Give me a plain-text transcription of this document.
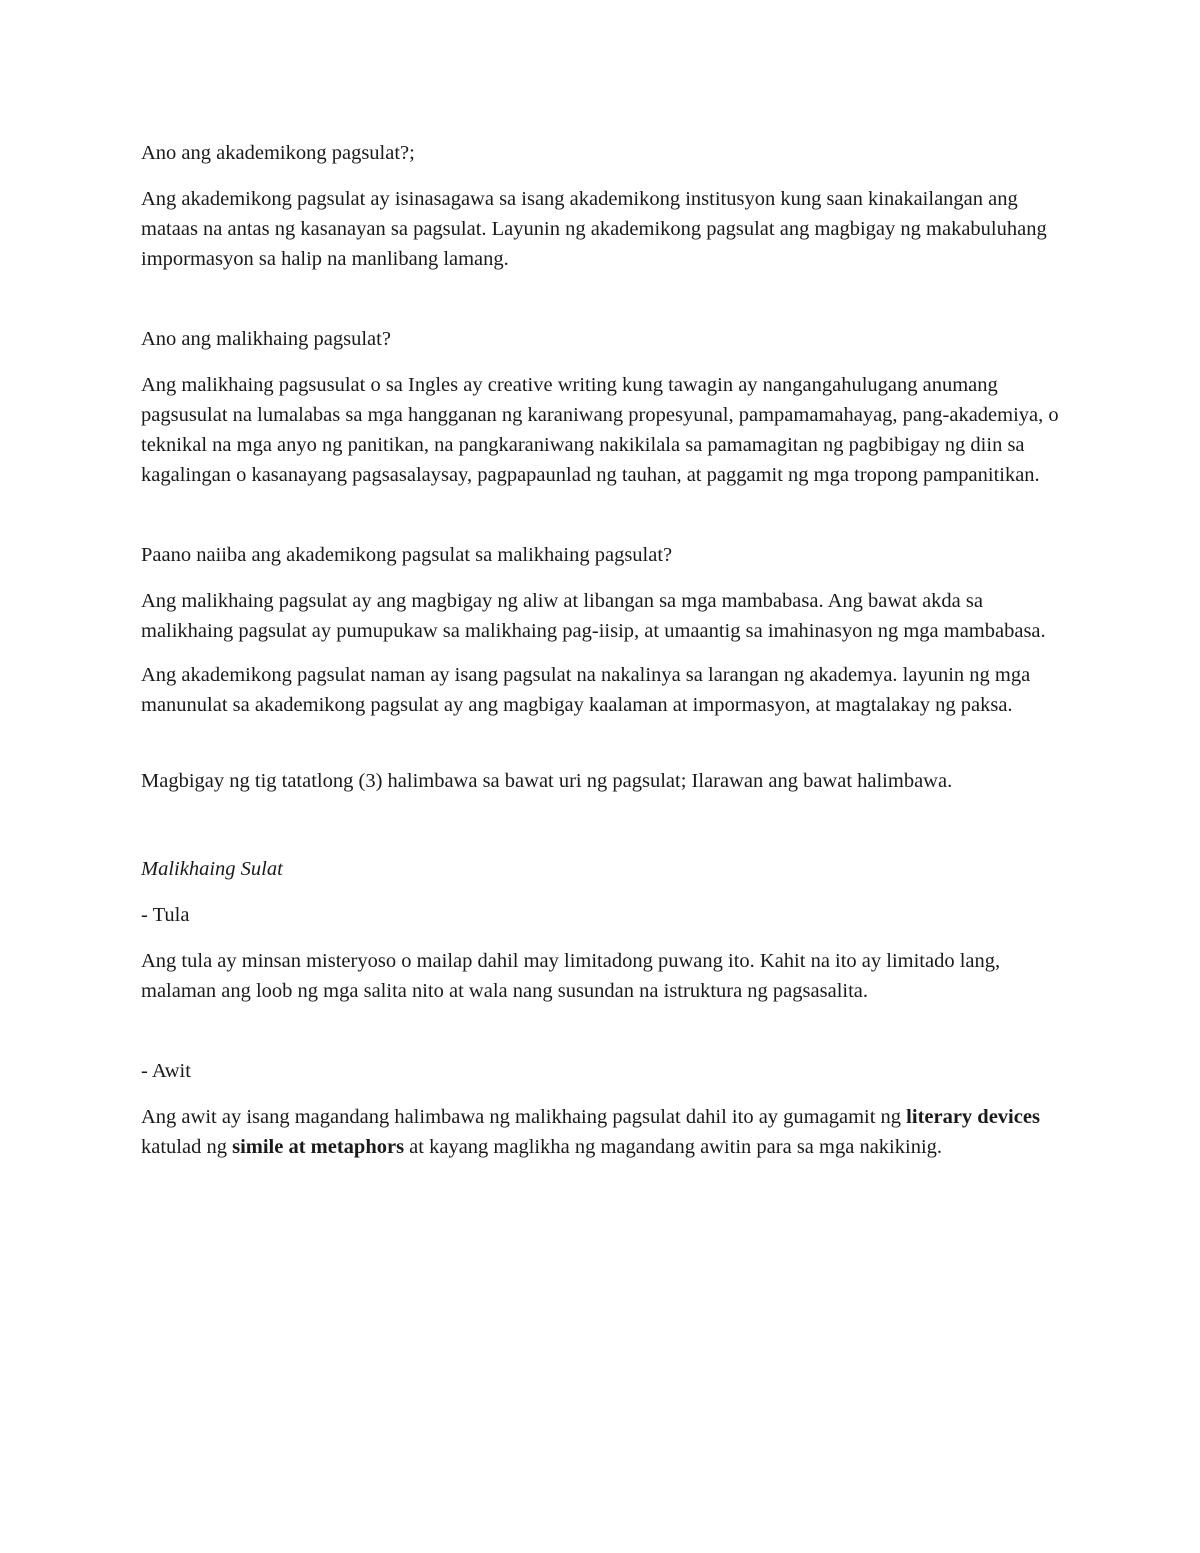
Ano ang akademikong pagsulat?;

Ang akademikong pagsulat ay isinasagawa sa isang akademikong institusyon kung saan kinakailangan ang mataas na antas ng kasanayan sa pagsulat. Layunin ng akademikong pagsulat ang magbigay ng makabuluhang impormasyon sa halip na manlibang lamang.

Ano ang malikhaing pagsulat?

Ang malikhaing pagsusulat o sa Ingles ay creative writing kung tawagin ay nangangahulugang anumang pagsusulat na lumalabas sa mga hangganan ng karaniwang propesyunal, pampamamahayag, pang-akademiya, o teknikal na mga anyo ng panitikan, na pangkaraniwang nakikilala sa pamamagitan ng pagbibigay ng diin sa kagalingan o kasanayang pagsasalaysay, pagpapaunlad ng tauhan, at paggamit ng mga tropong pampanitikan.

Paano naiiba ang akademikong pagsulat sa malikhaing pagsulat?

Ang malikhaing pagsulat ay ang magbigay ng aliw at libangan sa mga mambabasa. Ang bawat akda sa malikhaing pagsulat ay pumupukaw sa malikhaing pag-iisip, at umaantig sa imahinasyon ng mga mambabasa.

Ang akademikong pagsulat naman ay isang pagsulat na nakalinya sa larangan ng akademya. layunin ng mga manunulat sa akademikong pagsulat ay ang magbigay kaalaman at impormasyon, at magtalakay ng paksa.

Magbigay ng tig tatatlong (3) halimbawa sa bawat uri ng pagsulat; Ilarawan ang bawat halimbawa.

Malikhaing Sulat

- Tula

Ang tula ay minsan misteryoso o mailap dahil may limitadong puwang ito. Kahit na ito ay limitado lang, malaman ang loob ng mga salita nito at wala nang susundan na istruktura ng pagsasalita.

- Awit

Ang awit ay isang magandang halimbawa ng malikhaing pagsulat dahil ito ay gumagamit ng literary devices katulad ng simile at metaphors at kayang maglikha ng magandang awitin para sa mga nakikinig.
